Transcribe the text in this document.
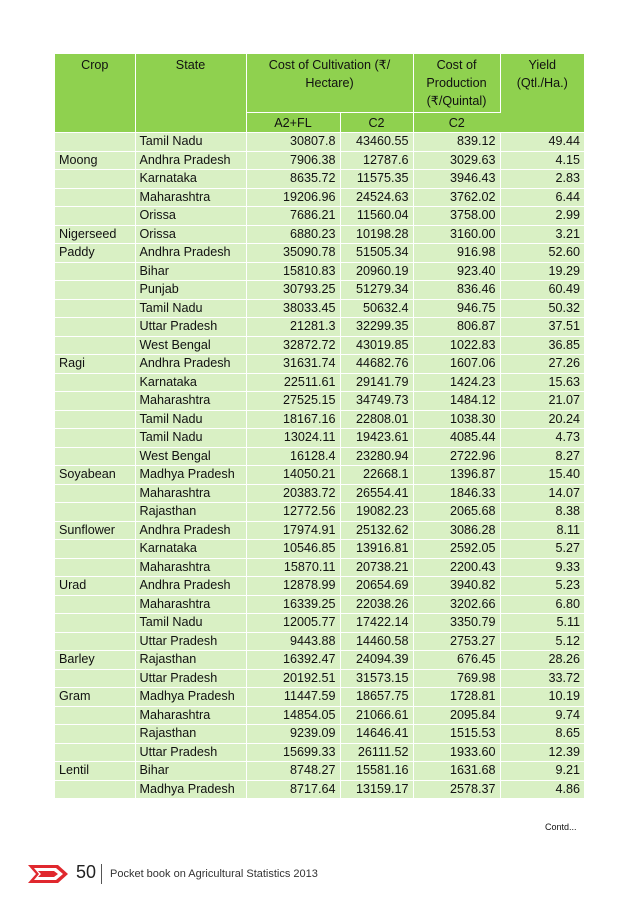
Crop	State	Cost of Cultivation (₹/ Hectare)		Cost of Production (₹/Quintal)	Yield (Qtl./Ha.)
		A2+FL	C2	C2	
	Tamil Nadu	30807.8	43460.55	839.12	49.44
Moong	Andhra Pradesh	7906.38	12787.6	3029.63	4.15
	Karnataka	8635.72	11575.35	3946.43	2.83
	Maharashtra	19206.96	24524.63	3762.02	6.44
	Orissa	7686.21	11560.04	3758.00	2.99
Nigerseed	Orissa	6880.23	10198.28	3160.00	3.21
Paddy	Andhra Pradesh	35090.78	51505.34	916.98	52.60
	Bihar	15810.83	20960.19	923.40	19.29
	Punjab	30793.25	51279.34	836.46	60.49
	Tamil Nadu	38033.45	50632.4	946.75	50.32
	Uttar Pradesh	21281.3	32299.35	806.87	37.51
	West Bengal	32872.72	43019.85	1022.83	36.85
Ragi	Andhra Pradesh	31631.74	44682.76	1607.06	27.26
	Karnataka	22511.61	29141.79	1424.23	15.63
	Maharashtra	27525.15	34749.73	1484.12	21.07
	Tamil Nadu	18167.16	22808.01	1038.30	20.24
	Tamil Nadu	13024.11	19423.61	4085.44	4.73
	West Bengal	16128.4	23280.94	2722.96	8.27
Soyabean	Madhya Pradesh	14050.21	22668.1	1396.87	15.40
	Maharashtra	20383.72	26554.41	1846.33	14.07
	Rajasthan	12772.56	19082.23	2065.68	8.38
Sunflower	Andhra Pradesh	17974.91	25132.62	3086.28	8.11
	Karnataka	10546.85	13916.81	2592.05	5.27
	Maharashtra	15870.11	20738.21	2200.43	9.33
Urad	Andhra Pradesh	12878.99	20654.69	3940.82	5.23
	Maharashtra	16339.25	22038.26	3202.66	6.80
	Tamil Nadu	12005.77	17422.14	3350.79	5.11
	Uttar Pradesh	9443.88	14460.58	2753.27	5.12
Barley	Rajasthan	16392.47	24094.39	676.45	28.26
	Uttar Pradesh	20192.51	31573.15	769.98	33.72
Gram	Madhya Pradesh	11447.59	18657.75	1728.81	10.19
	Maharashtra	14854.05	21066.61	2095.84	9.74
	Rajasthan	9239.09	14646.41	1515.53	8.65
	Uttar Pradesh	15699.33	26111.52	1933.60	12.39
Lentil	Bihar	8748.27	15581.16	1631.68	9.21
	Madhya Pradesh	8717.64	13159.17	2578.37	4.86
Contd...
50 Pocket book on Agricultural Statistics 2013
